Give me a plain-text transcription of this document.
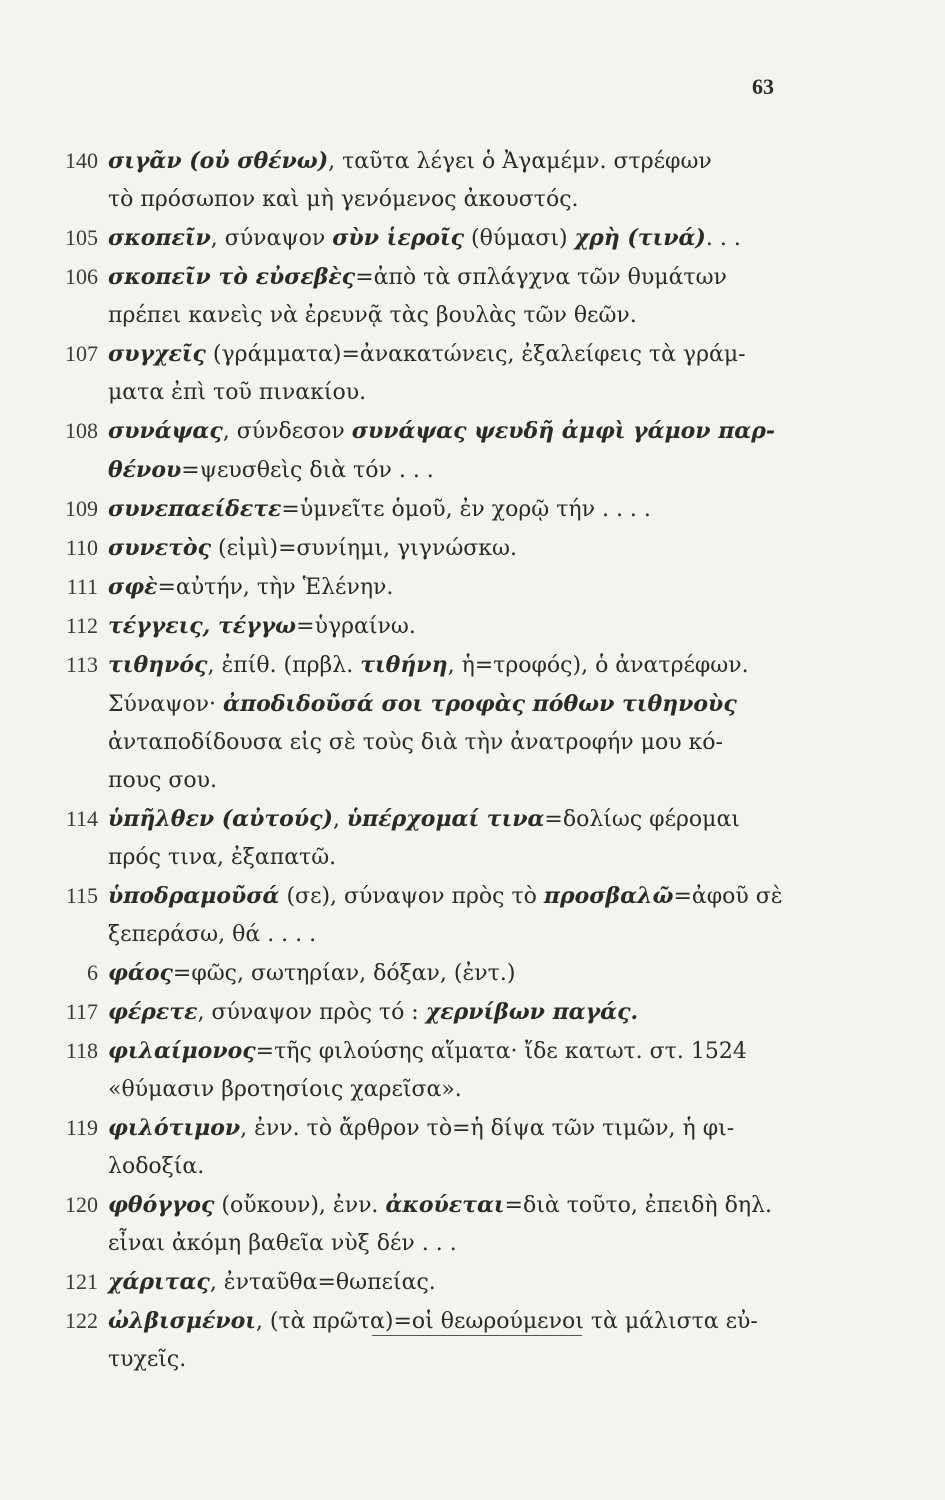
63
140 σιγᾶν (οὐ σθένω), ταῦτα λέγει ὁ Ἀγαμέμν. στρέφων
τὸ πρόσωπον καὶ μὴ γενόμενος ἀκουστός.
105 σκοπεῖν, σύναψον σὺν ἱεροῖς (θύμασι) χρὴ (τινά). . .
106 σκοπεῖν τὸ εὐσεβὲς=ἀπὸ τὰ σπλάγχνα τῶν θυμάτων
πρέπει κανεὶς νὰ ἐρευνᾷ τὰς βουλὰς τῶν θεῶν.
107 συγχεῖς (γράμματα)=ἀνακατώνεις, ἐξαλείφεις τὰ γράμ-
ματα ἐπὶ τοῦ πινακίου.
108 συνάψας, σύνδεσον συνάψας ψευδῆ ἀμφὶ γάμον παρ-
θένου=ψευσθεὶς διὰ τόν . . .
109 συνεπαείδετε=ὑμνεῖτε ὁμοῦ, ἐν χορῷ τήν . . . .
110 συνετὸς (εἰμὶ)=συνίημι, γιγνώσκω.
111 σφὲ=αὐτήν, τὴν Ἑλένην.
112 τέγγεις, τέγγω=ὑγραίνω.
113 τιθηνός, ἐπίθ. (πρβλ. τιθήνη, ἡ=τροφός), ὁ ἀνατρέφων.
Σύναψον· ἀποδιδοῦσά σοι τροφὰς πόθων τιθηνοὺς
ἀνταποδίδουσα εἰς σὲ τοὺς διὰ τὴν ἀνατροφήν μου κό-
πους σου.
114 ὑπῆλθεν (αὐτούς), ὑπέρχομαί τινα=δολίως φέρομαι
πρός τινα, ἐξαπατῶ.
115 ὑποδραμοῦσά (σε), σύναψον πρὸς τὸ προσβαλῶ=ἀφοῦ σὲ
ξεπεράσω, θά . . . .
6 φάος=φῶς, σωτηρίαν, δόξαν, (ἐντ.)
117 φέρετε, σύναψον πρὸς τό : χερνίβων παγάς.
118 φιλαίμονος=τῆς φιλούσης αἵματα· ἴδε κατωτ. στ. 1524
«θύμασιν βροτησίοις χαρεῖσα».
119 φιλότιμον, ἐνν. τὸ ἄρθρον τὸ=ἡ δίψα τῶν τιμῶν, ἡ φι-
λοδοξία.
120 φθόγγος (οὔκουν), ἐνν. ἀκούεται=διὰ τοῦτο, ἐπειδὴ δηλ.
εἶναι ἀκόμη βαθεῖα νὺξ δέν . . .
121 χάριτας, ἐνταῦθα=θωπείας.
122 ὠλβισμένοι, (τὰ πρῶτα)=οἱ θεωρούμενοι τὰ μάλιστα εὐ-
τυχεῖς.
